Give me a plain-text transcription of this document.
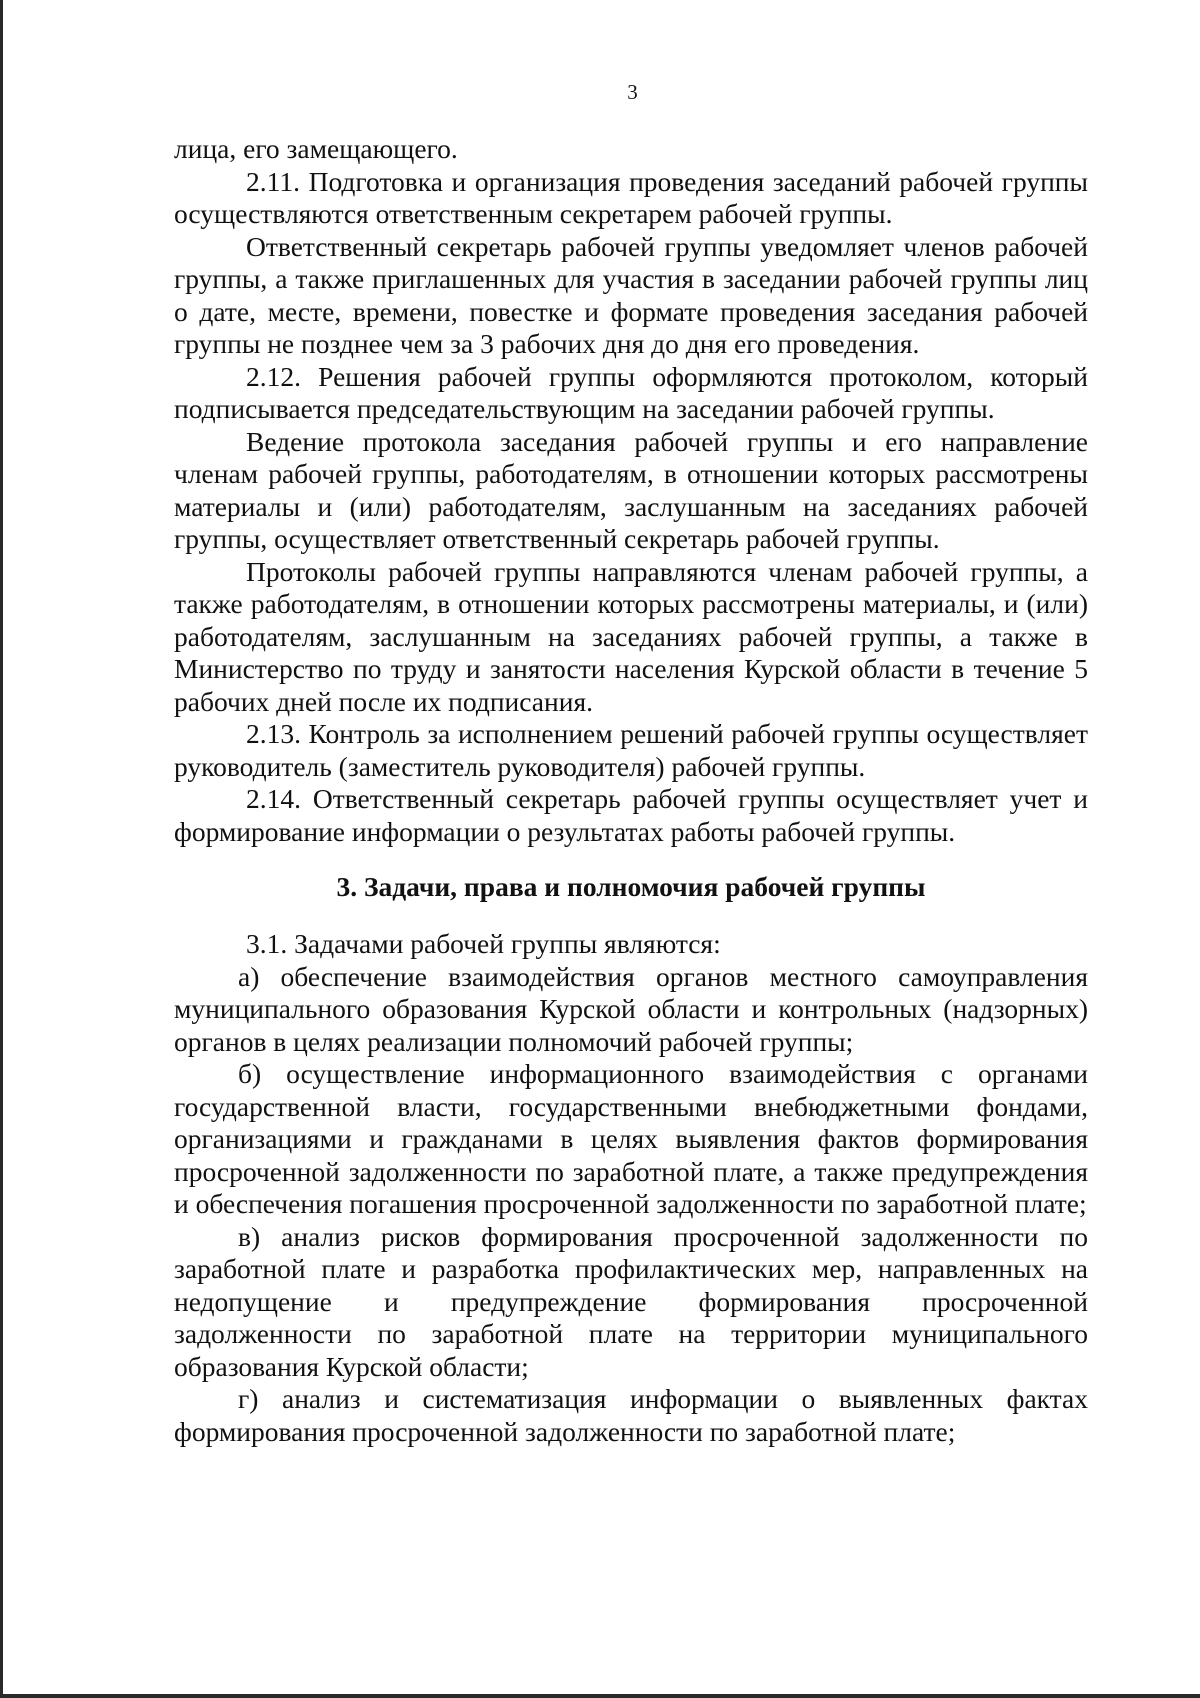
3

лица, его замещающего.

2.11. Подготовка и организация проведения заседаний рабочей группы осуществляются ответственным секретарем рабочей группы.

Ответственный секретарь рабочей группы уведомляет членов рабочей группы, а также приглашенных для участия в заседании рабочей группы лиц о дате, месте, времени, повестке и формате проведения заседания рабочей группы не позднее чем за 3 рабочих дня до дня его проведения.

2.12. Решения рабочей группы оформляются протоколом, который подписывается председательствующим на заседании рабочей группы.

Ведение протокола заседания рабочей группы и его направление членам рабочей группы, работодателям, в отношении которых рассмотрены материалы и (или) работодателям, заслушанным на заседаниях рабочей группы, осуществляет ответственный секретарь рабочей группы.

Протоколы рабочей группы направляются членам рабочей группы, а также работодателям, в отношении которых рассмотрены материалы, и (или) работодателям, заслушанным на заседаниях рабочей группы, а также в Министерство по труду и занятости населения Курской области в течение 5 рабочих дней после их подписания.

2.13. Контроль за исполнением решений рабочей группы осуществляет руководитель (заместитель руководителя) рабочей группы.

2.14. Ответственный секретарь рабочей группы осуществляет учет и формирование информации о результатах работы рабочей группы.

3. Задачи, права и полномочия рабочей группы

3.1. Задачами рабочей группы являются:

а) обеспечение взаимодействия органов местного самоуправления муниципального образования Курской области и контрольных (надзорных) органов в целях реализации полномочий рабочей группы;

б) осуществление информационного взаимодействия с органами государственной власти, государственными внебюджетными фондами, организациями и гражданами в целях выявления фактов формирования просроченной задолженности по заработной плате, а также предупреждения и обеспечения погашения просроченной задолженности по заработной плате;

в) анализ рисков формирования просроченной задолженности по заработной плате и разработка профилактических мер, направленных на недопущение и предупреждение формирования просроченной задолженности по заработной плате на территории муниципального образования Курской области;

г) анализ и систематизация информации о выявленных фактах формирования просроченной задолженности по заработной плате;
